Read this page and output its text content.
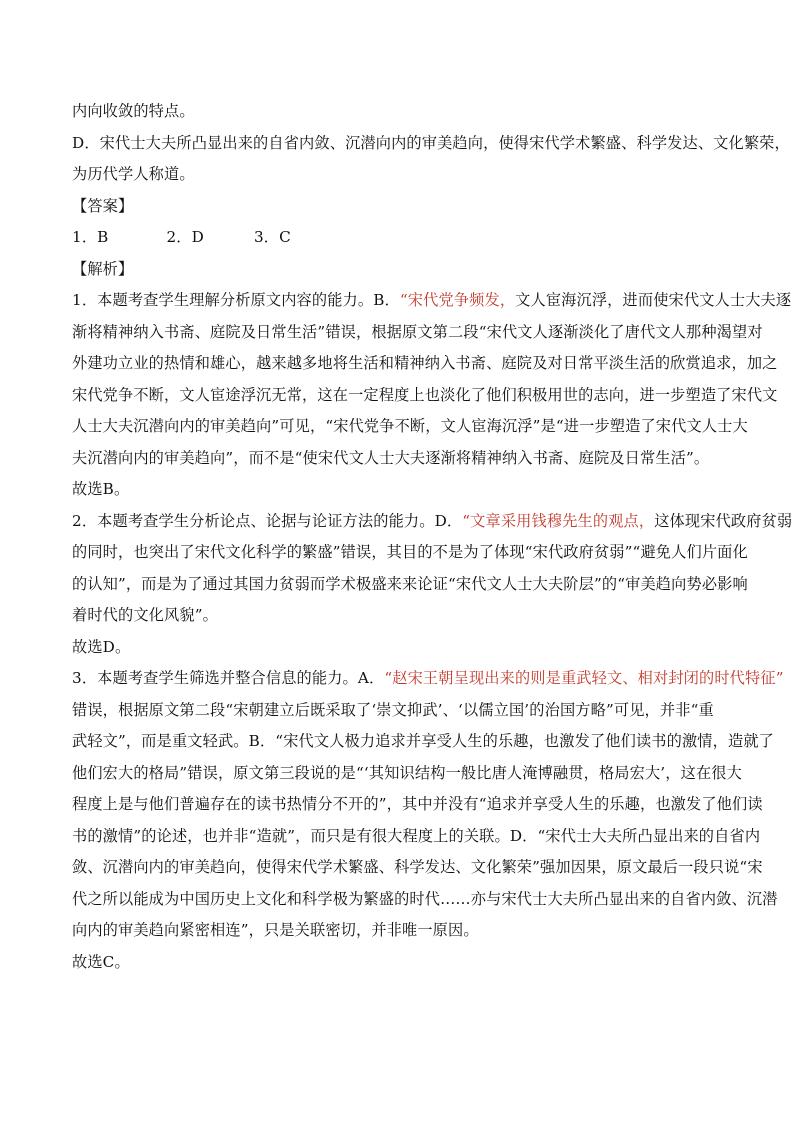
内向收敛的特点。
D．宋代士大夫所凸显出来的自省内敛、沉潜向内的审美趋向，使得宋代学术繁盛、科学发达、文化繁荣，
为历代学人称道。
【答案】
1．B	2．D	3．C
【解析】
1．本题考查学生理解分析原文内容的能力。B．“宋代党争频发，文人宦海沉浮，进而使宋代文人士大夫逐
渐将精神纳入书斋、庭院及日常生活”错误，根据原文第二段“宋代文人逐渐淡化了唐代文人那种渴望对
外建功立业的热情和雄心，越来越多地将生活和精神纳入书斋、庭院及对日常平淡生活的欣赏追求，加之
宋代党争不断，文人宦途浮沉无常，这在一定程度上也淡化了他们积极用世的志向，进一步塑造了宋代文
人士大夫沉潜向内的审美趋向”可见，“宋代党争不断，文人宦海沉浮”是“进一步塑造了宋代文人士大
夫沉潜向内的审美趋向”，而不是“使宋代文人士大夫逐渐将精神纳入书斋、庭院及日常生活”。
故选B。
2．本题考查学生分析论点、论据与论证方法的能力。D．“文章采用钱穆先生的观点，这体现宋代政府贫弱
的同时，也突出了宋代文化科学的繁盛”错误，其目的不是为了体现“宋代政府贫弱”“避免人们片面化
的认知”，而是为了通过其国力贫弱而学术极盛来来论证“宋代文人士大夫阶层”的“审美趋向势必影响
着时代的文化风貌”。
故选D。
3．本题考查学生筛选并整合信息的能力。A．“赵宋王朝呈现出来的则是重武轻文、相对封闭的时代特征”
错误，根据原文第二段“宋朝建立后既采取了‘崇文抑武’、‘以儒立国’的治国方略”可见，并非“重
武轻文”，而是重文轻武。B．“宋代文人极力追求并享受人生的乐趣，也激发了他们读书的激情，造就了
他们宏大的格局”错误，原文第三段说的是“‘其知识结构一般比唐人淹博融贯，格局宏大’，这在很大
程度上是与他们普遍存在的读书热情分不开的”，其中并没有“追求并享受人生的乐趣，也激发了他们读
书的激情”的论述，也并非“造就”，而只是有很大程度上的关联。D．“宋代士大夫所凸显出来的自省内
敛、沉潜向内的审美趋向，使得宋代学术繁盛、科学发达、文化繁荣”强加因果，原文最后一段只说“宋
代之所以能成为中国历史上文化和科学极为繁盛的时代……亦与宋代士大夫所凸显出来的自省内敛、沉潜
向内的审美趋向紧密相连”，只是关联密切，并非唯一原因。
故选C。
